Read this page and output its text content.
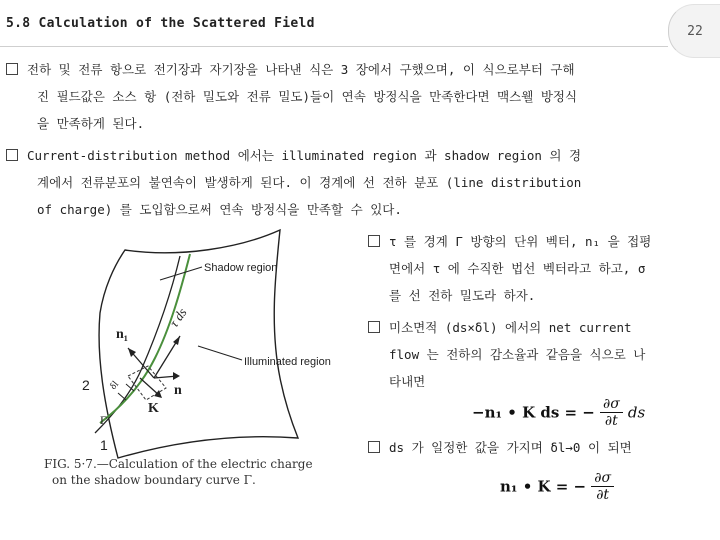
5.8 Calculation of the Scattered Field	22
전하 및 전류 항으로 전기장과 자기장을 나타낸 식은 3 장에서 구했으며, 이 식으로부터 구해
진 필드값은 소스 항 (전하 밀도와 전류 밀도)들이 연속 방정식을 만족한다면 맥스웰 방정식
을 만족하게 된다.
Current-distribution method 에서는 illuminated region 과 shadow region 의 경
계에서 전류분포의 불연속이 발생하게 된다. 이 경계에 선 전하 분포 (line distribution
of charge) 를 도입함으로써 연속 방정식을 만족할 수 있다.
τ 를 경계 Γ 방향의 단위 벡터, n₁ 을 접평
면에서 τ 에 수직한 법선 벡터라고 하고, σ
를 선 전하 밀도라 하자.
미소면적 (ds×δl) 에서의 net current
flow 는 전하의 감소율과 같음을 식으로 나
타내면
−n₁ • K ds = − $\frac{\partial\sigma}{\partial t}$ ds
ds 가 일정한 값을 가지며 δl→0 이 되면
n₁ • K = − $\frac{\partial\sigma}{\partial t}$
Shadow region
Illuminated region
n₁
τ ds
n
K
2
1
Γ
δl
FIG. 5·7.—Calculation of the electric charge
on the shadow boundary curve Γ.
